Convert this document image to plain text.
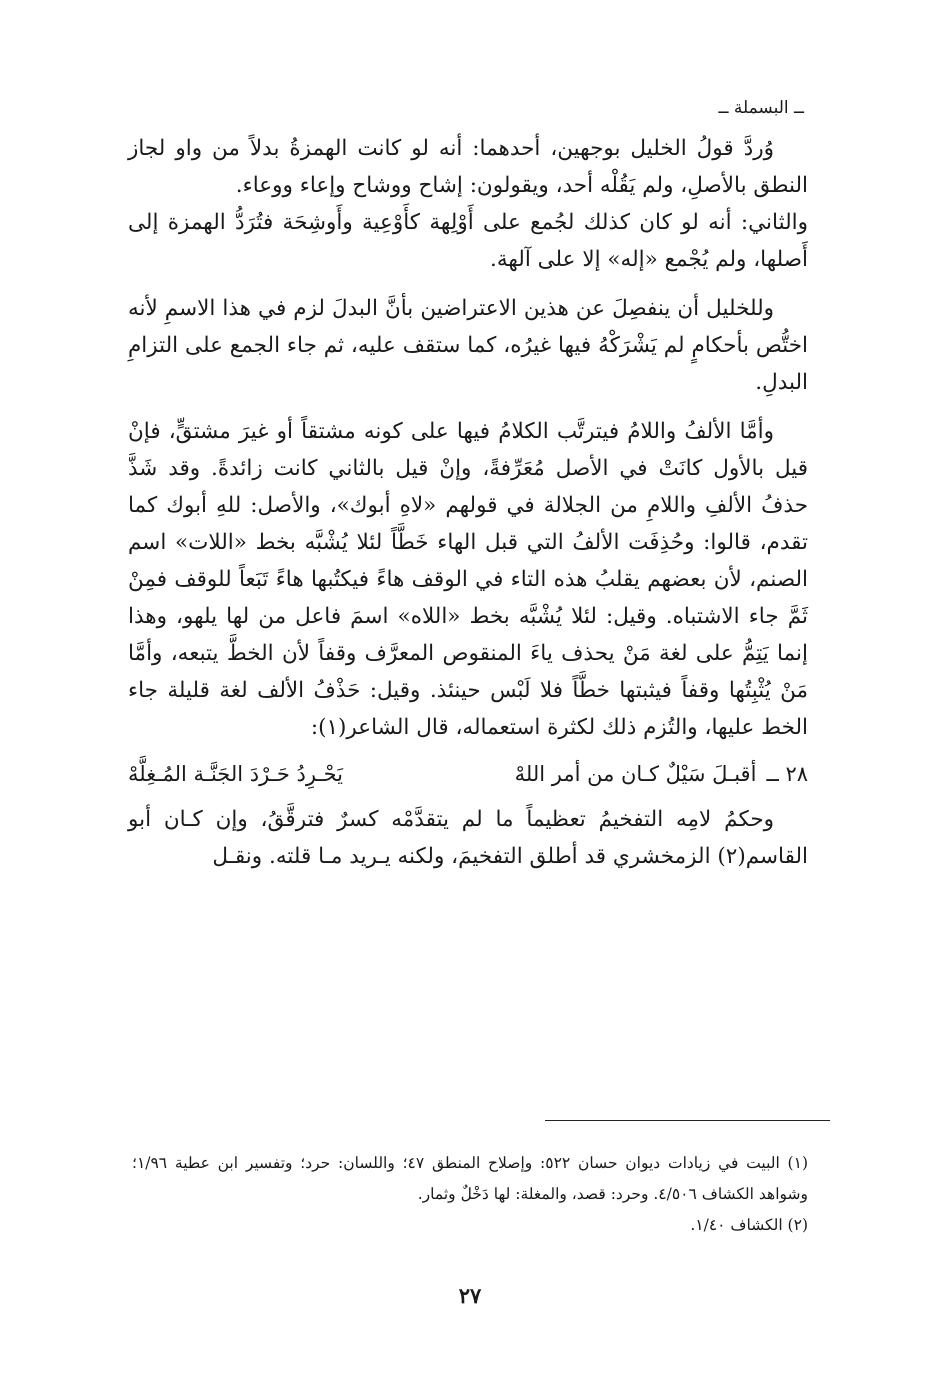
ــ البسملة ــ

وُردَّ قولُ الخليل بوجهين، أحدهما: أنه لو كانت الهمزةُ بدلاً من واو لجاز النطق بالأصلِ، ولم يَقُلْه أحد، ويقولون: إشاح ووشاح وإعاء ووعاء.

والثاني: أنه لو كان كذلك لجُمع على أَوْلِهة كأَوْعِية وأَوشِحَة فتُرَدُّ الهمزة إلى أَصلها، ولم يُجْمع «إله» إلا على آلهة.

وللخليل أن ينفصِلَ عن هذين الاعتراضين بأنَّ البدلَ لزم في هذا الاسمِ لأنه اختُّص بأحكامٍ لم يَشْرَكْهُ فيها غيرُه، كما ستقف عليه، ثم جاء الجمع على التزامِ البدلِ.

وأمَّا الألفُ واللامُ فيترتَّب الكلامُ فيها على كونه مشتقاً أو غيرَ مشتقٍّ، فإنْ قيل بالأول كانَتْ في الأصل مُعَرِّفةً، وإنْ قيل بالثاني كانت زائدةً. وقد شَذَّ حذفُ الألفِ واللامِ من الجلالة في قولهم «لاهِ أبوك»، والأصل: للهِ أبوك كما تقدم، قالوا: وحُذِفَت الألفُ التي قبل الهاء خَطَّاً لئلا يُشْبَّه بخط «اللات» اسم الصنم، لأن بعضهم يقلبُ هذه التاء في الوقف هاءً فيكتُبها هاءً تَبَعاً للوقف فمِنْ ثَمَّ جاء الاشتباه. وقيل: لئلا يُشْبَّه بخط «اللاه» اسمَ فاعل من لها يلهو، وهذا إنما يَتِمُّ على لغة مَنْ يحذف ياءَ المنقوص المعرَّف وقفاً لأن الخطَّ يتبعه، وأمَّا مَنْ يُثْبِتُها وقفاً فيثبتها خطَّاً فلا لَبْس حينئذ. وقيل: حَذْفُ الألف لغة قليلة جاء الخط عليها، والتُزم ذلك لكثرة استعماله، قال الشاعر(١):

٢٨ ــ
أقبـلَ سَيْلٌ كـان من أمر اللهْ
يَحْـرِدُ حَـرْدَ الجَنَّـة المُـغِلَّهْ

وحكمُ لامِه التفخيمُ تعظيماً ما لم يتقدَّمْه كسرٌ فترقَّقُ، وإن كـان أبو القاسم(٢) الزمخشري قد أطلق التفخيمَ، ولكنه يـريد مـا قلته. ونقـل

(١) البيت في زيادات ديوان حسان ٥٢٢: وإصلاح المنطق ٤٧؛ واللسان: حرد؛ وتفسير ابن عطية ١/٩٦؛ وشواهد الكشاف ٤/٥٠٦. وحرد: قصد، والمغلة: لها دَخْلٌ وثمار.

(٢) الكشاف ١/٤٠.

٢٧
